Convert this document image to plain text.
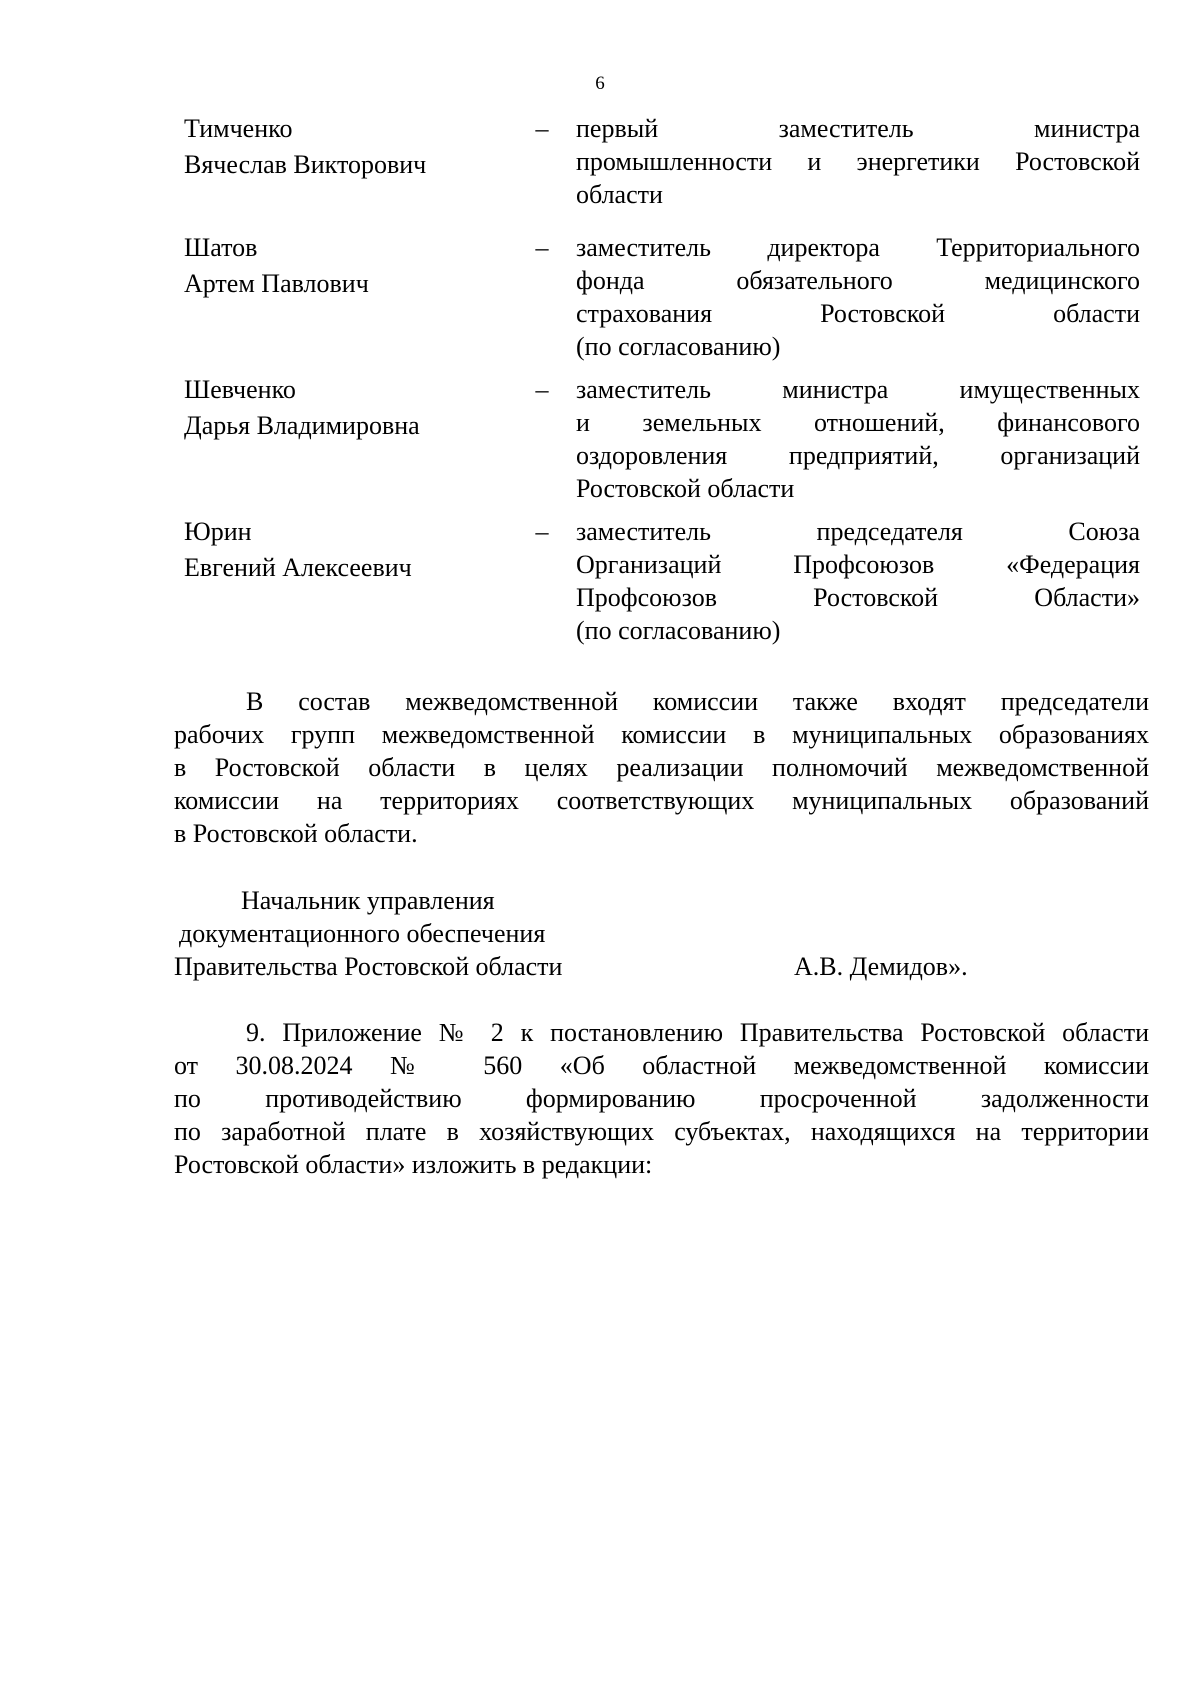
6
Тимченко
Вячеслав Викторович
– первый заместитель министра
промышленности и энергетики Ростовской
области
Шатов
Артем Павлович
– заместитель директора Территориального
фонда обязательного медицинского
страхования Ростовской области
(по согласованию)
Шевченко
Дарья Владимировна
– заместитель министра имущественных
и земельных отношений, финансового
оздоровления предприятий, организаций
Ростовской области
Юрин
Евгений Алексеевич
– заместитель председателя Союза
Организаций Профсоюзов «Федерация
Профсоюзов Ростовской Области»
(по согласованию)
В состав межведомственной комиссии также входят председатели
рабочих групп межведомственной комиссии в муниципальных образованиях
в Ростовской области в целях реализации полномочий межведомственной
комиссии на территориях соответствующих муниципальных образований
в Ростовской области.
Начальник управления
документационного обеспечения
Правительства Ростовской области	А.В. Демидов».
9. Приложение № 2 к постановлению Правительства Ростовской области
от 30.08.2024 № 560 «Об областной межведомственной комиссии
по противодействию формированию просроченной задолженности
по заработной плате в хозяйствующих субъектах, находящихся на территории
Ростовской области» изложить в редакции:
